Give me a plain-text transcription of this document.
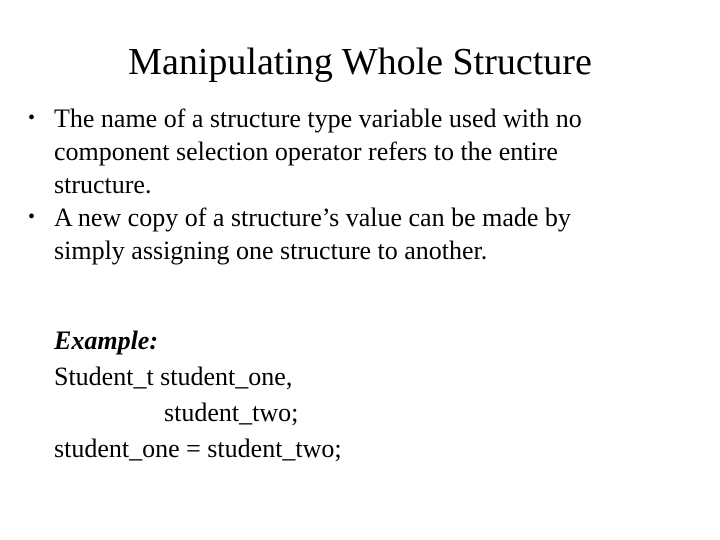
Manipulating Whole Structure
• The name of a structure type variable used with no
component selection operator refers to the entire
structure.
• A new copy of a structure’s value can be made by
simply assigning one structure to another.
Example:
Student_t student_one,
student_two;
student_one = student_two;
